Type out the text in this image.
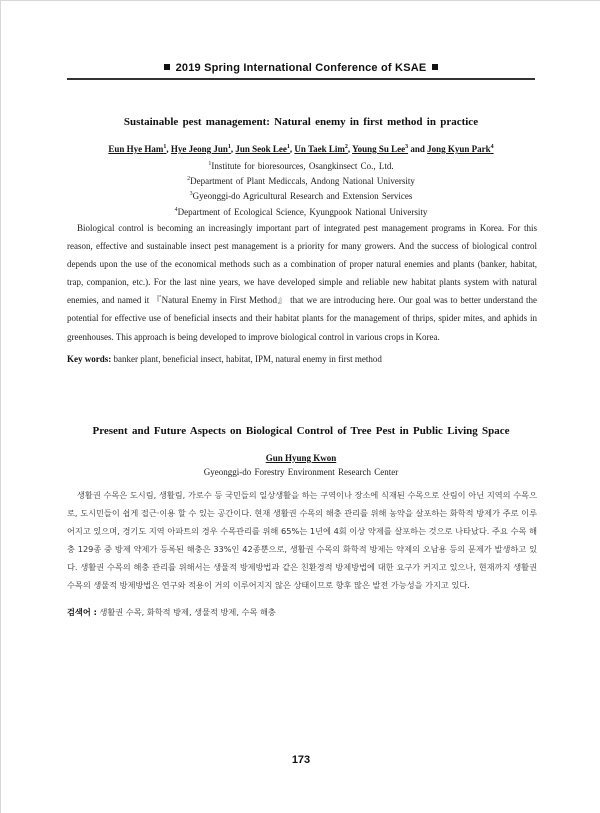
2019 Spring International Conference of KSAE
Sustainable pest management: Natural enemy in first method in practice
Eun Hye Ham$^1$, Hye Jeong Jun$^1$, Jun Seok Lee$^1$, Un Taek Lim$^2$, Young Su Lee$^3$ and Jong Kyun Park$^4$
$^1$Institute for bioresources, Osangkinsect Co., Ltd.
$^2$Department of Plant Mediccals, Andong National University
$^3$Gyeonggi-do Agricultural Research and Extension Services
$^4$Department of Ecological Science, Kyungpook National University

Biological control is becoming an increasingly important part of integrated pest management programs in Korea. For this reason, effective and sustainable insect pest management is a priority for many growers. And the success of biological control depends upon the use of the economical methods such as a combination of proper natural enemies and plants (banker, habitat, trap, companion, etc.). For the last nine years, we have developed simple and reliable new habitat plants system with natural enemies, and named it 『Natural Enemy in First Method』 that we are introducing here. Our goal was to better understand the potential for effective use of beneficial insects and their habitat plants for the management of thrips, spider mites, and aphids in greenhouses. This approach is being developed to improve biological control in various crops in Korea.

Key words: banker plant, beneficial insect, habitat, IPM, natural enemy in first method

Present and Future Aspects on Biological Control of Tree Pest in Public Living Space
Gun Hyung Kwon
Gyeonggi-do Forestry Environment Research Center

생활권 수목은 도시림, 생활림, 가로수 등 국민들의 일상생활을 하는 구역이나 장소에 식재된 수목으로 산림이 아닌 지역의 수목으로, 도시민들이 쉽게 접근·이용 할 수 있는 공간이다. 현재 생활권 수목의 해충 관리를 위해 농약을 살포하는 화학적 방제가 주로 이루어지고 있으며, 경기도 지역 아파트의 경우 수목관리를 위해 65%는 1년에 4회 이상 약제를 살포하는 것으로 나타났다. 주요 수목 해충 129종 중 방제 약제가 등록된 해충은 33%인 42종뿐으로, 생활권 수목의 화학적 방제는 약제의 오남용 등의 문제가 발생하고 있다. 생활권 수목의 해충 관리를 위해서는 생물적 방제방법과 같은 친환경적 방제방법에 대한 요구가 커지고 있으나, 현재까지 생활권 수목의 생물적 방제방법은 연구와 적용이 거의 이루어지지 않은 상태이므로 향후 많은 발전 가능성을 가지고 있다.

검색어 : 생활권 수목, 화학적 방제, 생물적 방제, 수목 해충

173
